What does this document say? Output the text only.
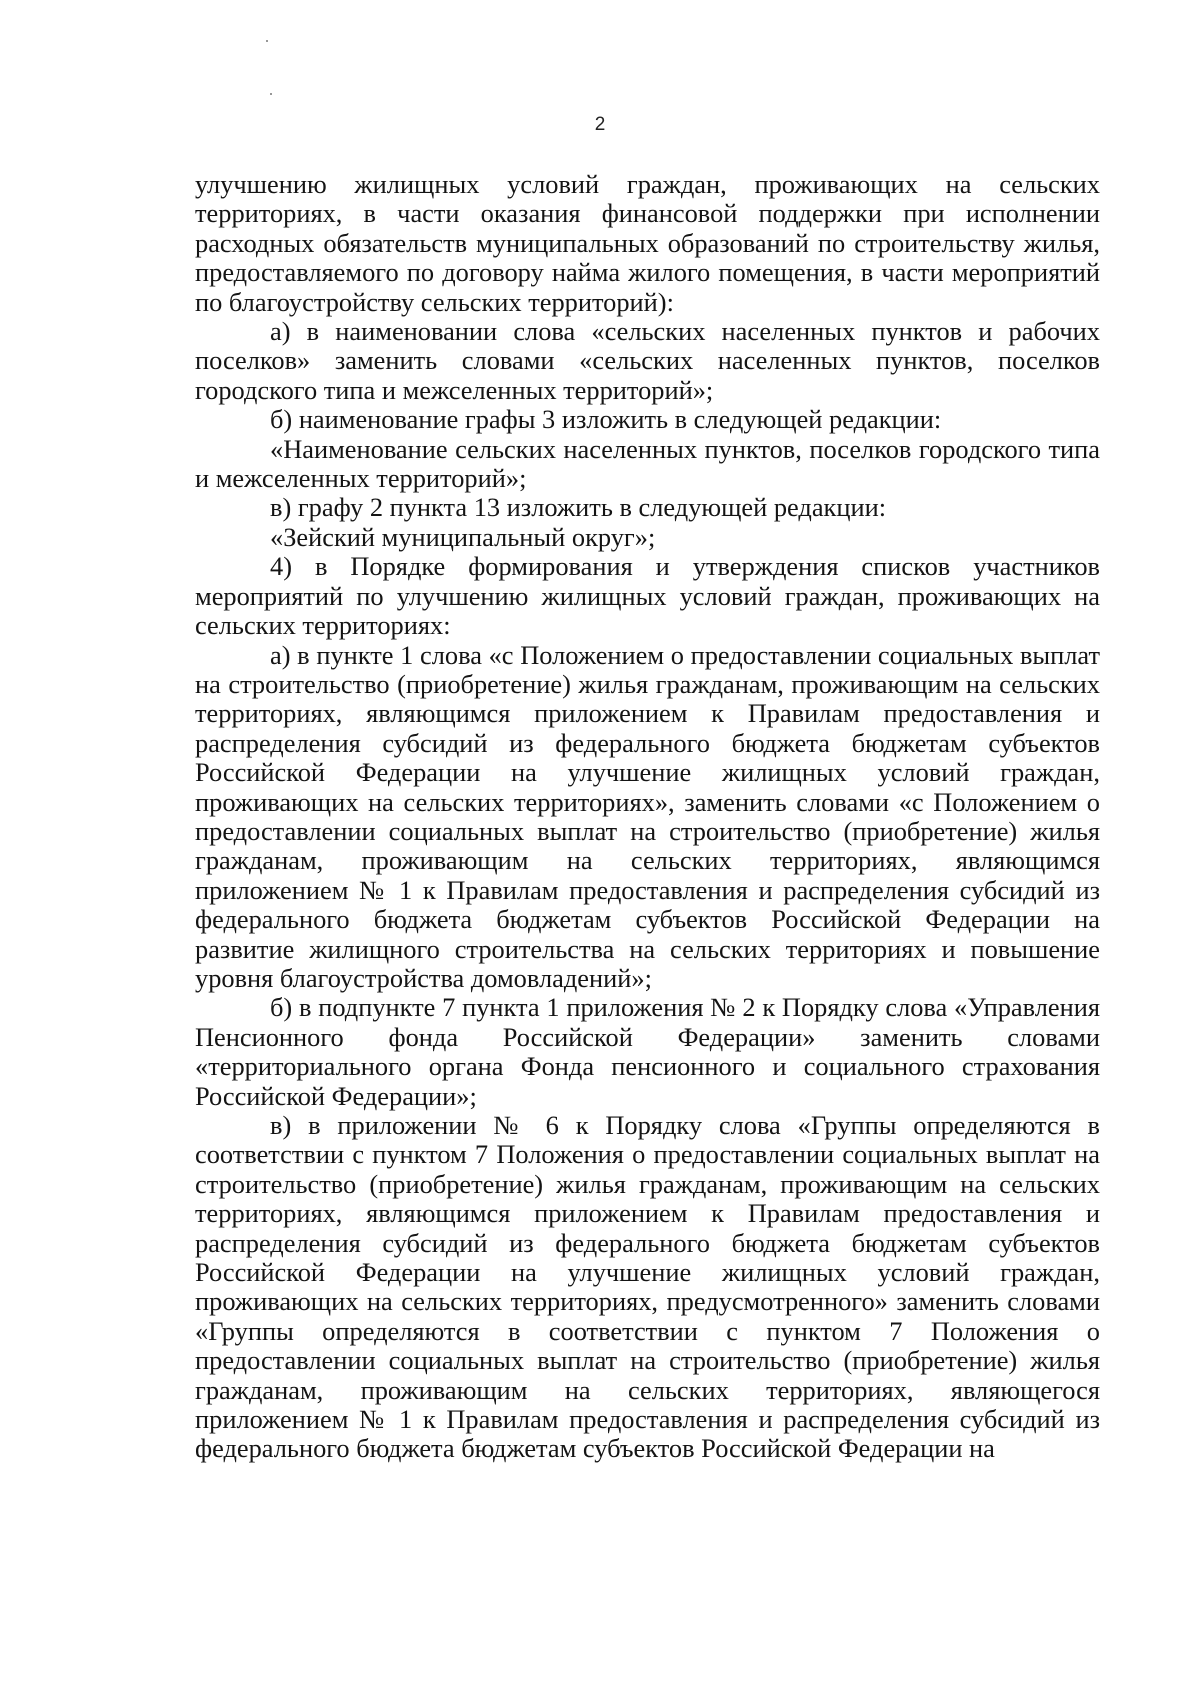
2

улучшению жилищных условий граждан, проживающих на сельских территориях, в части оказания финансовой поддержки при исполнении расходных обязательств муниципальных образований по строительству жилья, предоставляемого по договору найма жилого помещения, в части мероприятий по благоустройству сельских территорий):

а) в наименовании слова «сельских населенных пунктов и рабочих поселков» заменить словами «сельских населенных пунктов, поселков городского типа и межселенных территорий»;

б) наименование графы 3 изложить в следующей редакции:

«Наименование сельских населенных пунктов, поселков городского типа и межселенных территорий»;

в) графу 2 пункта 13 изложить в следующей редакции:

«Зейский муниципальный округ»;

4) в Порядке формирования и утверждения списков участников мероприятий по улучшению жилищных условий граждан, проживающих на сельских территориях:

а) в пункте 1 слова «с Положением о предоставлении социальных выплат на строительство (приобретение) жилья гражданам, проживающим на сельских территориях, являющимся приложением к Правилам предоставления и распределения субсидий из федерального бюджета бюджетам субъектов Российской Федерации на улучшение жилищных условий граждан, проживающих на сельских территориях», заменить словами «с Положением о предоставлении социальных выплат на строительство (приобретение) жилья гражданам, проживающим на сельских территориях, являющимся приложением № 1 к Правилам предоставления и распределения субсидий из федерального бюджета бюджетам субъектов Российской Федерации на развитие жилищного строительства на сельских территориях и повышение уровня благоустройства домовладений»;

б) в подпункте 7 пункта 1 приложения № 2 к Порядку слова «Управления Пенсионного фонда Российской Федерации» заменить словами «территориального органа Фонда пенсионного и социального страхования Российской Федерации»;

в) в приложении № 6 к Порядку слова «Группы определяются в соответствии с пунктом 7 Положения о предоставлении социальных выплат на строительство (приобретение) жилья гражданам, проживающим на сельских территориях, являющимся приложением к Правилам предоставления и распределения субсидий из федерального бюджета бюджетам субъектов Российской Федерации на улучшение жилищных условий граждан, проживающих на сельских территориях, предусмотренного» заменить словами «Группы определяются в соответствии с пунктом 7 Положения о предоставлении социальных выплат на строительство (приобретение) жилья гражданам, проживающим на сельских территориях, являющегося приложением № 1 к Правилам предоставления и распределения субсидий из федерального бюджета бюджетам субъектов Российской Федерации на
